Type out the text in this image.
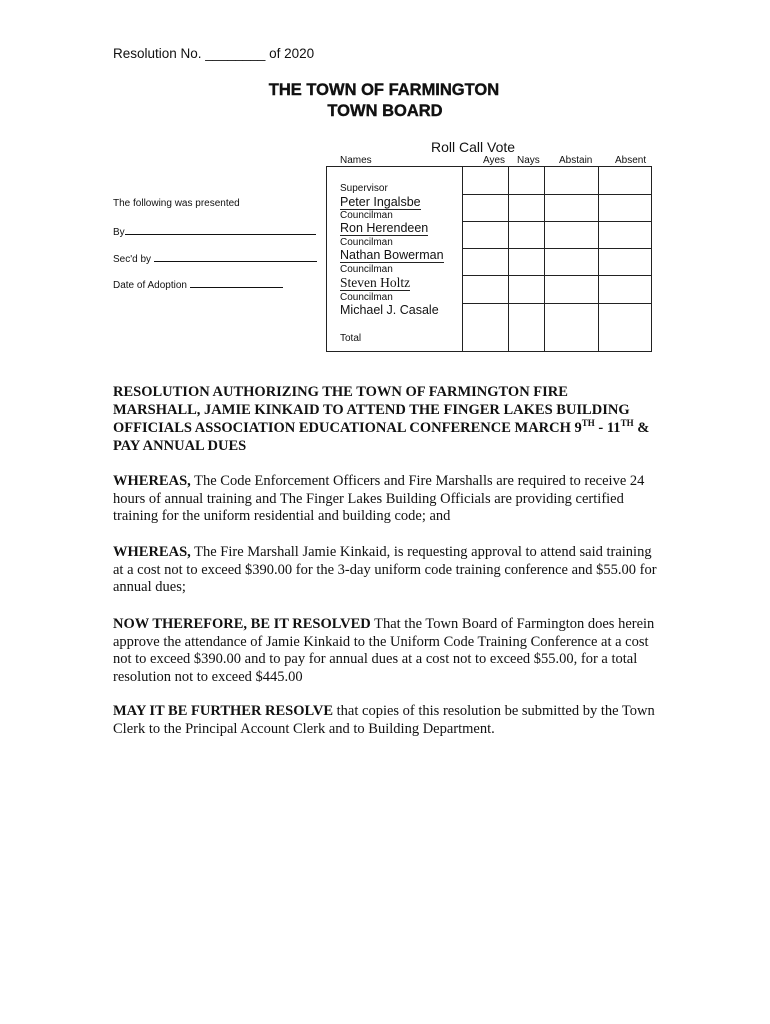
Resolution No. ________ of 2020
THE TOWN OF FARMINGTON
TOWN BOARD
Roll Call Vote
Names	Ayes Nays Abstain Absent
Supervisor
Peter Ingalsbe
Councilman
Ron Herendeen
Councilman
Nathan Bowerman
Councilman
Steven Holtz
Councilman
Michael J. Casale
Total
The following was presented
By
Sec'd by
Date of Adoption
RESOLUTION AUTHORIZING THE TOWN OF FARMINGTON FIRE MARSHALL, JAMIE KINKAID TO ATTEND THE FINGER LAKES BUILDING OFFICIALS ASSOCIATION EDUCATIONAL CONFERENCE MARCH 9TH - 11TH & PAY ANNUAL DUES
WHEREAS, The Code Enforcement Officers and Fire Marshalls are required to receive 24 hours of annual training and The Finger Lakes Building Officials are providing certified training for the uniform residential and building code; and
WHEREAS, The Fire Marshall Jamie Kinkaid, is requesting approval to attend said training at a cost not to exceed $390.00 for the 3-day uniform code training conference and $55.00 for annual dues;
NOW THEREFORE, BE IT RESOLVED That the Town Board of Farmington does herein approve the attendance of Jamie Kinkaid to the Uniform Code Training Conference at a cost not to exceed $390.00 and to pay for annual dues at a cost not to exceed $55.00, for a total resolution not to exceed $445.00
MAY IT BE FURTHER RESOLVE that copies of this resolution be submitted by the Town Clerk to the Principal Account Clerk and to Building Department.
